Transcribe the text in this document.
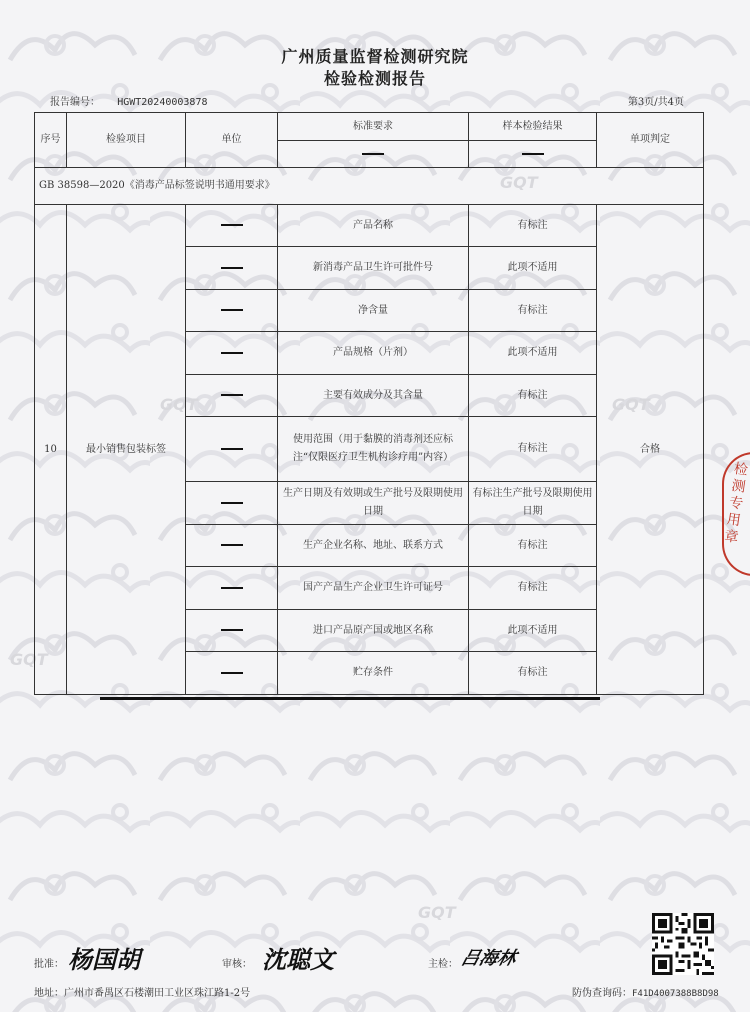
GQT
GQT
GQT
GQT
GQT
广州质量监督检测研究院
检验检测报告
报告编号： HGWT20240003878	第3页/共4页
序号	检验项目	单位	标准要求	样本检验结果	单项判定

GB 38598—2020《消毒产品标签说明书通用要求》					
10	最小销售包装标签		产品名称	有标注	合格
			新消毒产品卫生许可批件号	此项不适用	
			净含量	有标注	
			产品规格（片剂）	此项不适用	
			主要有效成分及其含量	有标注	
			使用范围（用于黏膜的消毒剂还应标注“仅限医疗卫生机构诊疗用”内容）	有标注	
			生产日期及有效期或生产批号及限期使用日期	有标注生产批号及限期使用日期	
			生产企业名称、地址、联系方式	有标注	
			国产产品生产企业卫生许可证号	有标注	
			进口产品原产国或地区名称	此项不适用	
			贮存条件	有标注	
检测专用章
批准： 杨国胡	审核： 沈聪文	主检： 吕海林
地址：广州市番禺区石楼潮田工业区珠江路1-2号	防伪查询码：F41D4007388B8D98
